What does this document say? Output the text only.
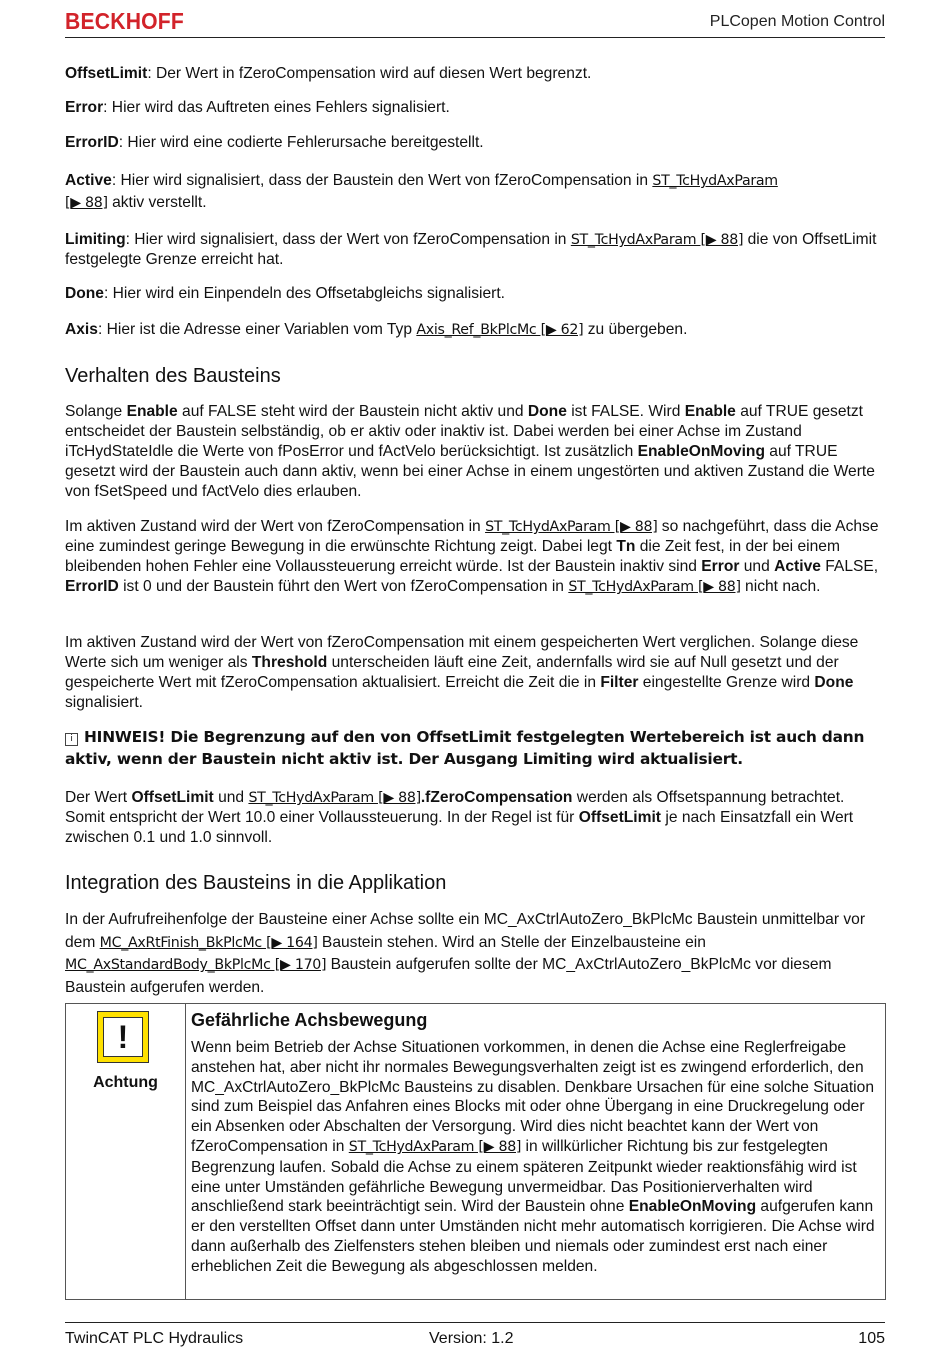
BECKHOFF	PLCopen Motion Control

OffsetLimit: Der Wert in fZeroCompensation wird auf diesen Wert begrenzt.

Error: Hier wird das Auftreten eines Fehlers signalisiert.

ErrorID: Hier wird eine codierte Fehlerursache bereitgestellt.

Active: Hier wird signalisiert, dass der Baustein den Wert von fZeroCompensation in ST_TcHydAxParam
[▶ 88] aktiv verstellt.

Limiting: Hier wird signalisiert, dass der Wert von fZeroCompensation in ST_TcHydAxParam [▶ 88] die von OffsetLimit festgelegte Grenze erreicht hat.

Done: Hier wird ein Einpendeln des Offsetabgleichs signalisiert.

Axis: Hier ist die Adresse einer Variablen vom Typ Axis_Ref_BkPlcMc [▶ 62] zu übergeben.

Verhalten des Bausteins

Solange Enable auf FALSE steht wird der Baustein nicht aktiv und Done ist FALSE. Wird Enable auf TRUE gesetzt entscheidet der Baustein selbständig, ob er aktiv oder inaktiv ist. Dabei werden bei einer Achse im Zustand iTcHydStateIdle die Werte von fPosError und fActVelo berücksichtigt. Ist zusätzlich EnableOnMoving auf TRUE gesetzt wird der Baustein auch dann aktiv, wenn bei einer Achse in einem ungestörten und aktiven Zustand die Werte von fSetSpeed und fActVelo dies erlauben.

Im aktiven Zustand wird der Wert von fZeroCompensation in ST_TcHydAxParam [▶ 88] so nachgeführt, dass die Achse eine zumindest geringe Bewegung in die erwünschte Richtung zeigt. Dabei legt Tn die Zeit fest, in der bei einem bleibenden hohen Fehler eine Vollaussteuerung erreicht würde. Ist der Baustein inaktiv sind Error und Active FALSE, ErrorID ist 0 und der Baustein führt den Wert von fZeroCompensation in ST_TcHydAxParam [▶ 88] nicht nach.

Im aktiven Zustand wird der Wert von fZeroCompensation mit einem gespeicherten Wert verglichen. Solange diese Werte sich um weniger als Threshold unterscheiden läuft eine Zeit, andernfalls wird sie auf Null gesetzt und der gespeicherte Wert mit fZeroCompensation aktualisiert. Erreicht die Zeit die in Filter eingestellte Grenze wird Done signalisiert.

i HINWEIS! Die Begrenzung auf den von OffsetLimit festgelegten Wertebereich ist auch dann aktiv, wenn der Baustein nicht aktiv ist. Der Ausgang Limiting wird aktualisiert.

Der Wert OffsetLimit und ST_TcHydAxParam [▶ 88].fZeroCompensation werden als Offsetspannung betrachtet. Somit entspricht der Wert 10.0 einer Vollaussteuerung. In der Regel ist für OffsetLimit je nach Einsatzfall ein Wert zwischen 0.1 und 1.0 sinnvoll.

Integration des Bausteins in die Applikation

In der Aufrufreihenfolge der Bausteine einer Achse sollte ein MC_AxCtrlAutoZero_BkPlcMc Baustein unmittelbar vor dem MC_AxRtFinish_BkPlcMc [▶ 164] Baustein stehen. Wird an Stelle der Einzelbausteine ein MC_AxStandardBody_BkPlcMc [▶ 170] Baustein aufgerufen sollte der MC_AxCtrlAutoZero_BkPlcMc vor diesem Baustein aufgerufen werden.

!
Achtung
Gefährliche Achsbewegung

Wenn beim Betrieb der Achse Situationen vorkommen, in denen die Achse eine Reglerfreigabe anstehen hat, aber nicht ihr normales Bewegungsverhalten zeigt ist es zwingend erforderlich, den MC_AxCtrlAutoZero_BkPlcMc Bausteins zu disablen. Denkbare Ursachen für eine solche Situation sind zum Beispiel das Anfahren eines Blocks mit oder ohne Übergang in eine Druckregelung oder ein Absenken oder Abschalten der Versorgung. Wird dies nicht beachtet kann der Wert von fZeroCompensation in ST_TcHydAxParam [▶ 88] in willkürlicher Richtung bis zur festgelegten Begrenzung laufen. Sobald die Achse zu einem späteren Zeitpunkt wieder reaktionsfähig wird ist eine unter Umständen gefährliche Bewegung unvermeidbar. Das Positionierverhalten wird anschließend stark beeinträchtigt sein. Wird der Baustein ohne EnableOnMoving aufgerufen kann er den verstellten Offset dann unter Umständen nicht mehr automatisch korrigieren. Die Achse wird dann außerhalb des Zielfensters stehen bleiben und niemals oder zumindest erst nach einer erheblichen Zeit die Bewegung als abgeschlossen melden.

TwinCAT PLC Hydraulics	Version: 1.2	105
